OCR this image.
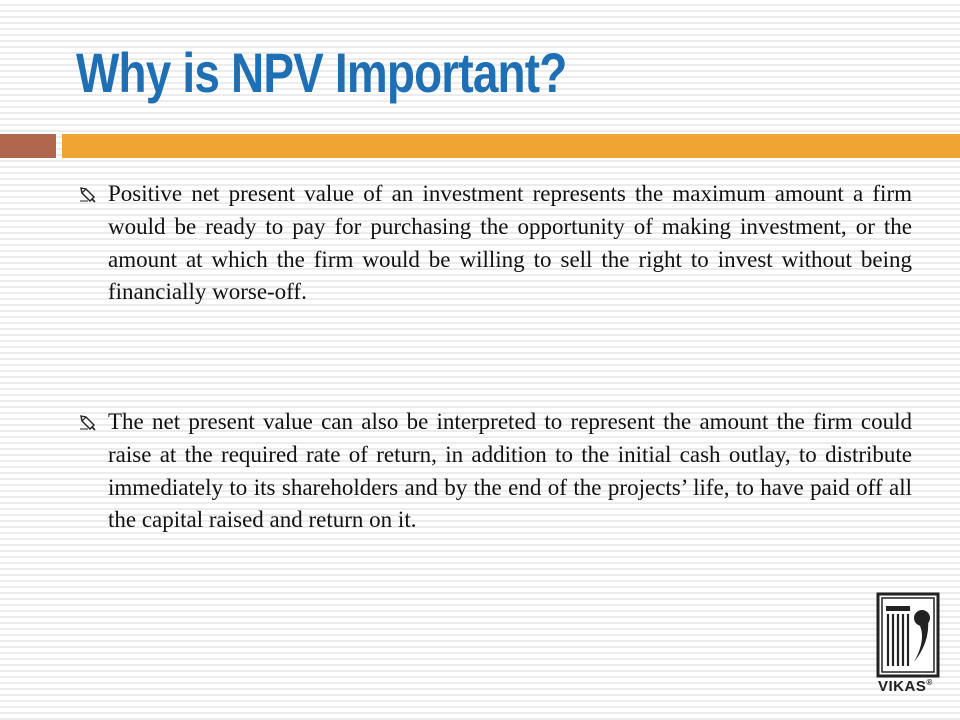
Why is NPV Important?
Positive net present value of an investment represents the maximum amount a firm would be ready to pay for purchasing the opportunity of making investment, or the amount at which the firm would be willing to sell the right to invest without being financially worse-off.
The net present value can also be interpreted to represent the amount the firm could raise at the required rate of return, in addition to the initial cash outlay, to distribute immediately to its shareholders and by the end of the projects’ life, to have paid off all the capital raised and return on it.
VIKAS®
